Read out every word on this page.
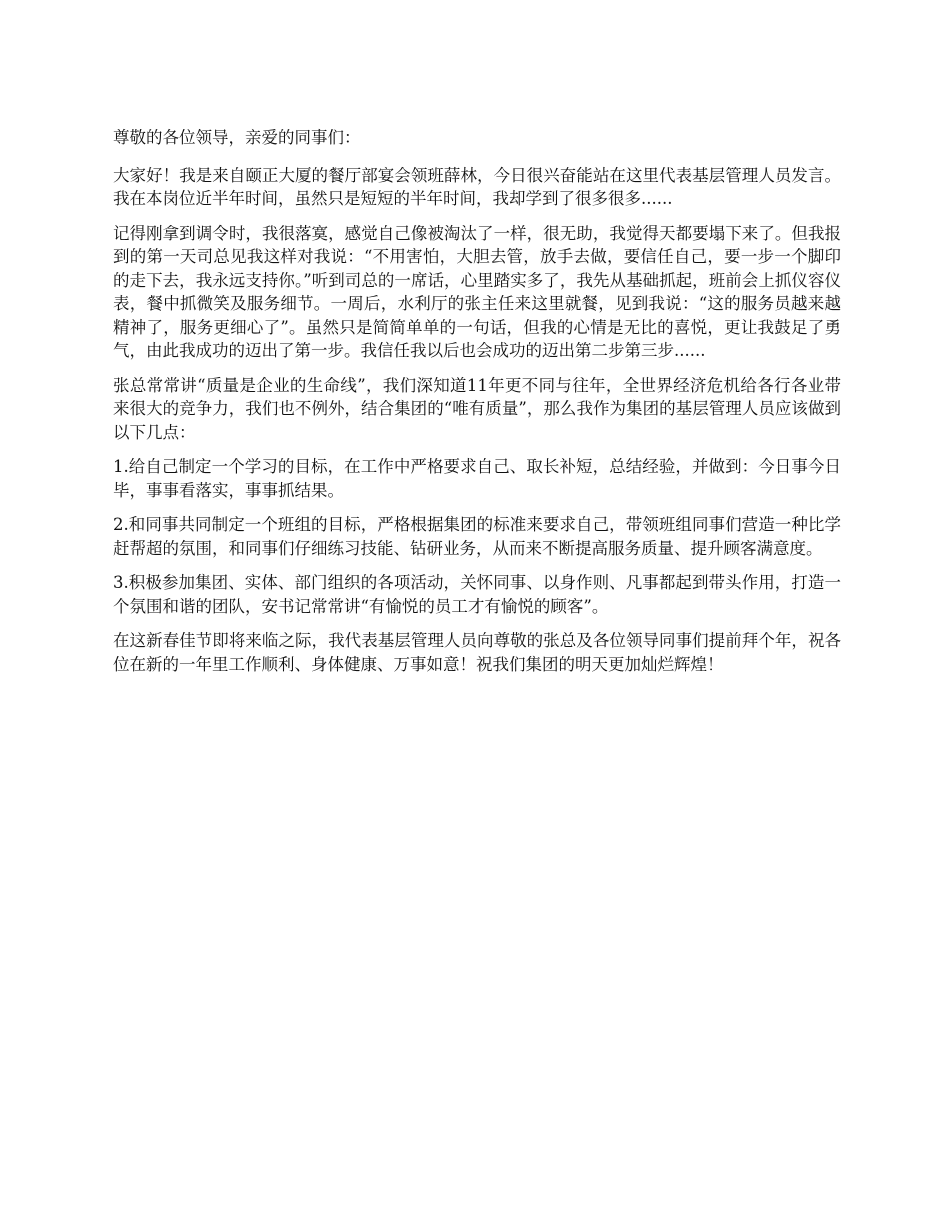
尊敬的各位领导，亲爱的同事们：

大家好！我是来自颐正大厦的餐厅部宴会领班薛林，今日很兴奋能站在这里代表基层管理人员发言。我在本岗位近半年时间，虽然只是短短的半年时间，我却学到了很多很多......

记得刚拿到调令时，我很落寞，感觉自己像被淘汰了一样，很无助，我觉得天都要塌下来了。但我报到的第一天司总见我这样对我说：“不用害怕，大胆去管，放手去做，要信任自己，要一步一个脚印的走下去，我永远支持你。”听到司总的一席话，心里踏实多了，我先从基础抓起，班前会上抓仪容仪表，餐中抓微笑及服务细节。一周后，水利厅的张主任来这里就餐，见到我说：“这的服务员越来越精神了，服务更细心了”。虽然只是简简单单的一句话，但我的心情是无比的喜悦，更让我鼓足了勇气，由此我成功的迈出了第一步。我信任我以后也会成功的迈出第二步第三步......

张总常常讲“质量是企业的生命线”，我们深知道11年更不同与往年，全世界经济危机给各行各业带来很大的竞争力，我们也不例外，结合集团的“唯有质量”，那么我作为集团的基层管理人员应该做到以下几点：

1.给自己制定一个学习的目标，在工作中严格要求自己、取长补短，总结经验，并做到：今日事今日毕，事事看落实，事事抓结果。

2.和同事共同制定一个班组的目标，严格根据集团的标准来要求自己，带领班组同事们营造一种比学赶帮超的氛围，和同事们仔细练习技能、钻研业务，从而来不断提高服务质量、提升顾客满意度。

3.积极参加集团、实体、部门组织的各项活动，关怀同事、以身作则、凡事都起到带头作用，打造一个氛围和谐的团队，安书记常常讲“有愉悦的员工才有愉悦的顾客”。

在这新春佳节即将来临之际，我代表基层管理人员向尊敬的张总及各位领导同事们提前拜个年，祝各位在新的一年里工作顺利、身体健康、万事如意！祝我们集团的明天更加灿烂辉煌！
